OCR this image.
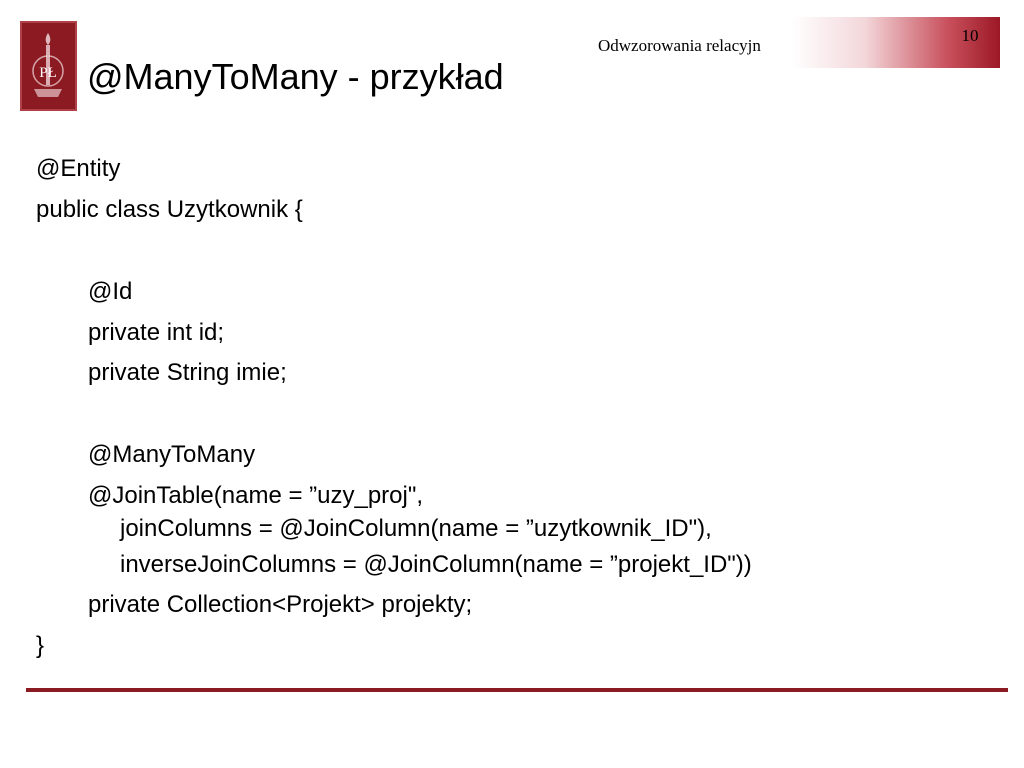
PŁ
Odwzorowania relacyjn
10
@ManyToMany - przykład
@Entity
public class Uzytkownik {
@Id
private int id;
private String imie;
@ManyToMany
@JoinTable(name = ”uzy_proj",
joinColumns = @JoinColumn(name = ”uzytkownik_ID"),
inverseJoinColumns = @JoinColumn(name = ”projekt_ID"))
private Collection<Projekt> projekty;
}
